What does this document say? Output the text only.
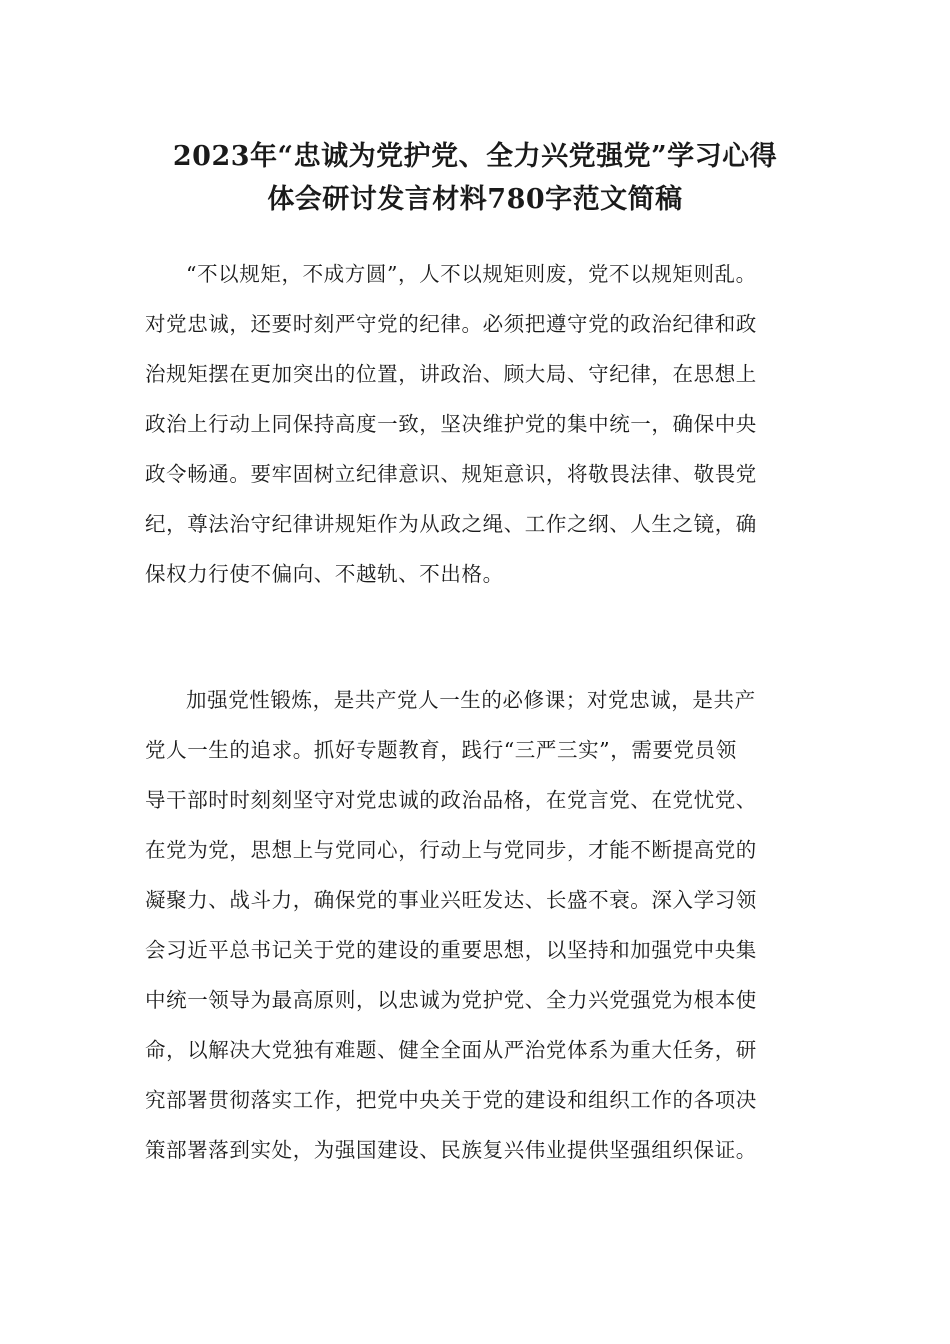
2023年“忠诚为党护党、全力兴党强党”学习心得
体会研讨发言材料780字范文简稿
“不以规矩，不成方圆”，人不以规矩则废，党不以规矩则乱。
对党忠诚，还要时刻严守党的纪律。必须把遵守党的政治纪律和政
治规矩摆在更加突出的位置，讲政治、顾大局、守纪律，在思想上
政治上行动上同保持高度一致，坚决维护党的集中统一，确保中央
政令畅通。要牢固树立纪律意识、规矩意识，将敬畏法律、敬畏党
纪，尊法治守纪律讲规矩作为从政之绳、工作之纲、人生之镜，确
保权力行使不偏向、不越轨、不出格。
加强党性锻炼，是共产党人一生的必修课；对党忠诚，是共产
党人一生的追求。抓好专题教育，践行“三严三实”，需要党员领
导干部时时刻刻坚守对党忠诚的政治品格，在党言党、在党忧党、
在党为党，思想上与党同心，行动上与党同步，才能不断提高党的
凝聚力、战斗力，确保党的事业兴旺发达、长盛不衰。深入学习领
会习近平总书记关于党的建设的重要思想，以坚持和加强党中央集
中统一领导为最高原则，以忠诚为党护党、全力兴党强党为根本使
命，以解决大党独有难题、健全全面从严治党体系为重大任务，研
究部署贯彻落实工作，把党中央关于党的建设和组织工作的各项决
策部署落到实处，为强国建设、民族复兴伟业提供坚强组织保证。
